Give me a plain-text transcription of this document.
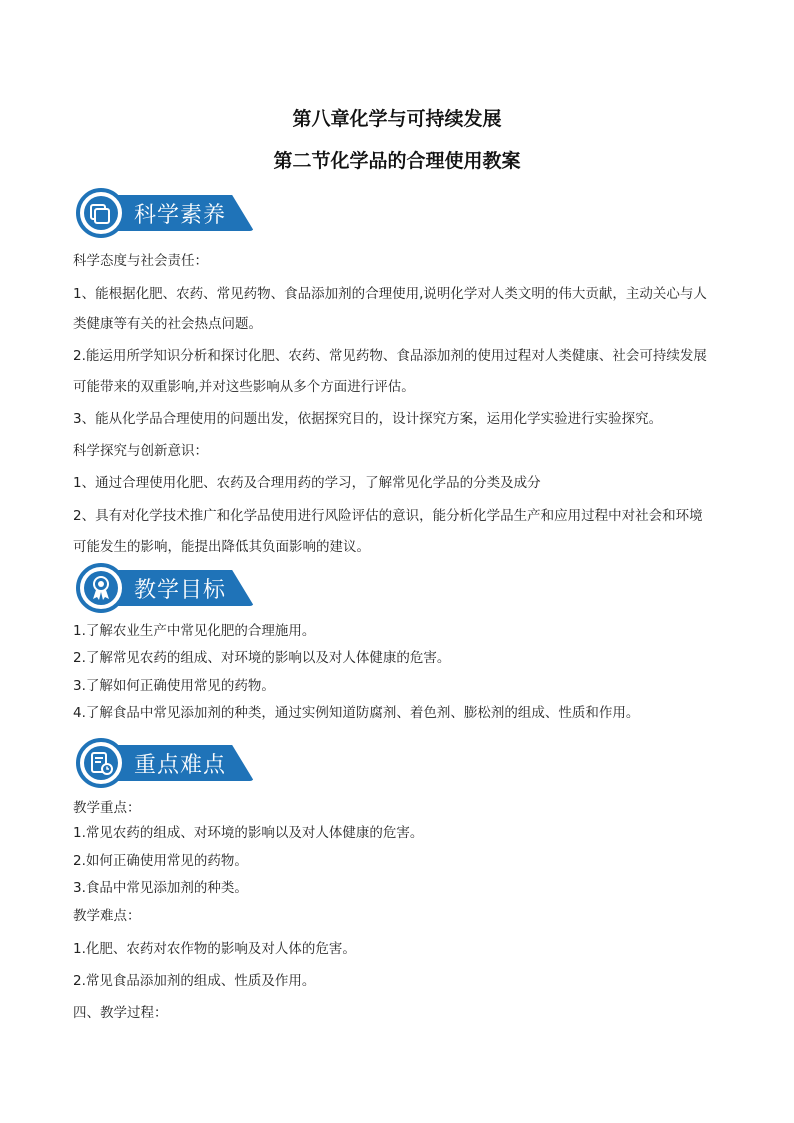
第八章化学与可持续发展
第二节化学品的合理使用教案
科学素养
科学态度与社会责任：
1、能根据化肥、农药、常见药物、食品添加剂的合理使用,说明化学对人类文明的伟大贡献，主动关心与人
类健康等有关的社会热点问题。
2.能运用所学知识分析和探讨化肥、农药、常见药物、食品添加剂的使用过程对人类健康、社会可持续发展
可能带来的双重影响,并对这些影响从多个方面进行评估。
3、能从化学品合理使用的问题出发，依据探究目的，设计探究方案，运用化学实验进行实验探究。
科学探究与创新意识：
1、通过合理使用化肥、农药及合理用药的学习，了解常见化学品的分类及成分
2、具有对化学技术推广和化学品使用进行风险评估的意识，能分析化学品生产和应用过程中对社会和环境
可能发生的影响，能提出降低其负面影响的建议。
教学目标
1.了解农业生产中常见化肥的合理施用。
2.了解常见农药的组成、对环境的影响以及对人体健康的危害。
3.了解如何正确使用常见的药物。
4.了解食品中常见添加剂的种类，通过实例知道防腐剂、着色剂、膨松剂的组成、性质和作用。
重点难点
教学重点：
1.常见农药的组成、对环境的影响以及对人体健康的危害。
2.如何正确使用常见的药物。
3.食品中常见添加剂的种类。
教学难点：
1.化肥、农药对农作物的影响及对人体的危害。
2.常见食品添加剂的组成、性质及作用。
四、教学过程：
